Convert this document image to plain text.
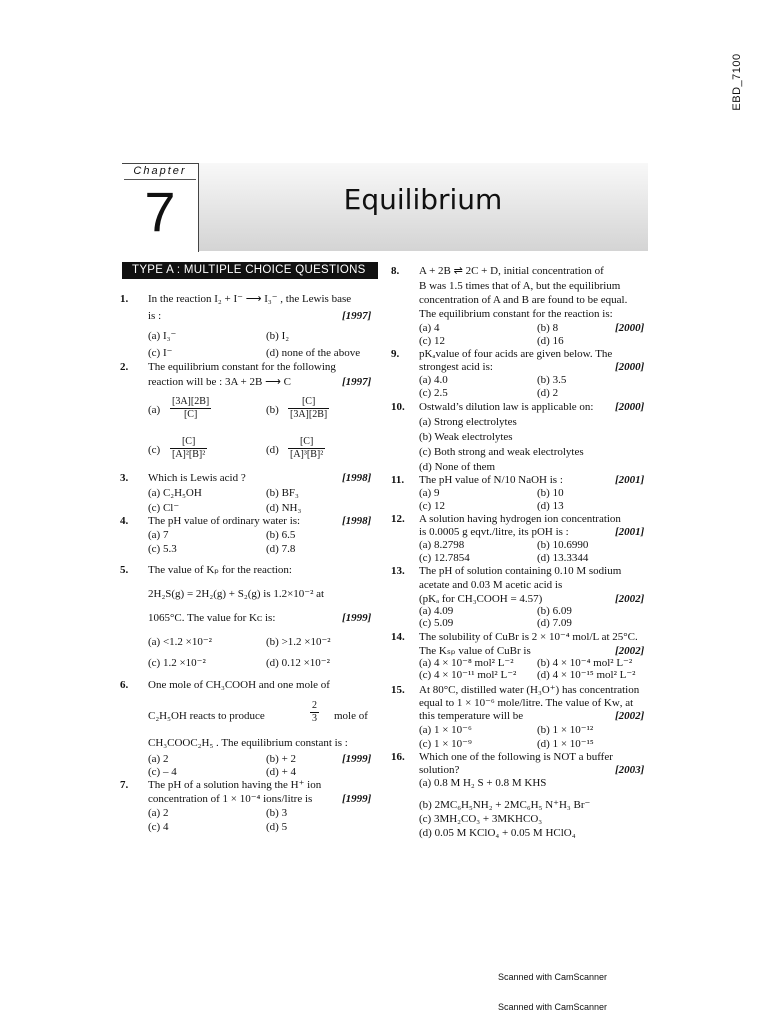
EBD_7100
Chapter
7	Equilibrium
TYPE A : MULTIPLE CHOICE QUESTIONS
1. In the reaction I₂ + I⁻ ⟶ I₃⁻ , the Lewis base
is :	[1997]
(a) I₃⁻	(b) I₂
(c) I⁻	(d) none of the above
2. The equilibrium constant for the following
reaction will be : 3A + 2B ⟶ C	[1997]
$(a) \frac{[3A][2B]}{[C]}$	$(b) \frac{[C]}{[3A][2B]}$
$(c) \frac{[C]}{\text{[A]²[B]²}}$	$(d) \frac{[C]}{\text{[A]³[B]²}}$
3. Which is Lewis acid ?	[1998]
(a) C₂H₅OH	(b) BF₃
(c) Cl⁻	(d) NH₃
4. The pH value of ordinary water is:	[1998]
(a) 7	(b) 6.5
(c) 5.3	(d) 7.8
5. The value of Kₚ for the reaction:
2H₂S(g) = 2H₂(g) + S₂(g) is 1.2×10⁻² at
1065°C. The value for Kᴄ is:	[1999]
(a) <1.2 ×10⁻²	(b) >1.2 ×10⁻²
(c) 1.2 ×10⁻²	(d) 0.12 ×10⁻²
6. One mole of CH₃COOH and one mole of
C₂H₅OH reacts to produce	$\frac{2}{3}$ mole of
CH₃COOC₂H₅ . The equilibrium constant is :
(a) 2	(b) + 2	[1999]
(c) – 4	(d) + 4
7. The pH of a solution having the H⁺ ion
concentration of 1 × 10⁻⁴ ions/litre is	[1999]
(a) 2	(b) 3
(c) 4	(d) 5
8. A + 2B ⇌ 2C + D, initial concentration of
B was 1.5 times that of A, but the equilibrium
concentration of A and B are found to be equal.
The equilibrium constant for the reaction is:
(a) 4	(b) 8	[2000]
(c) 12	(d) 16
9. pKₐvalue of four acids are given below. The
strongest acid is:	[2000]
(a) 4.0	(b) 3.5
(c) 2.5	(d) 2
10. Ostwald’s dilution law is applicable on: [2000]
(a) Strong electrolytes
(b) Weak electrolytes
(c) Both strong and weak electrolytes
(d) None of them
11. The pH value of N/10 NaOH is :	[2001]
(a) 9	(b) 10
(c) 12	(d) 13
12. A solution having hydrogen ion concentration
is 0.0005 g eqvt./litre, its pOH is :	[2001]
(a) 8.2798	(b) 10.6990
(c) 12.7854	(d) 13.3344
13. The pH of solution containing 0.10 M sodium
acetate and 0.03 M acetic acid is
(pKₐ for CH₃COOH = 4.57)	[2002]
(a) 4.09	(b) 6.09
(c) 5.09	(d) 7.09
14. The solubility of CuBr is 2 × 10⁻⁴ mol/L at 25°C.
The Kₛₚ value of CuBr is	[2002]
(a) 4 × 10⁻⁸ mol² L⁻² (b) 4 × 10⁻⁴ mol² L⁻²
(c) 4 × 10⁻¹¹ mol² L⁻² (d) 4 × 10⁻¹⁵ mol² L⁻²
15. At 80°C, distilled water (H₃O⁺) has concentration
equal to 1 × 10⁻⁶ mole/litre. The value of Kᴡ, at
this temperature will be	[2002]
(a) 1 × 10⁻⁶	(b) 1 × 10⁻¹²
(c) 1 × 10⁻⁹	(d) 1 × 10⁻¹⁵
16. Which one of the following is NOT a buffer
solution?	[2003]
(a) 0.8 M H₂ S + 0.8 M KHS
(b) 2MC₆H₅NH₂ + 2MC₆H₅ N⁺H₃ Br⁻
(c) 3MH₂CO₃ + 3MKHCO₃
(d) 0.05 M KClO₄ + 0.05 M HClO₄
Scanned with CamScanner
Scanned with CamScanner
